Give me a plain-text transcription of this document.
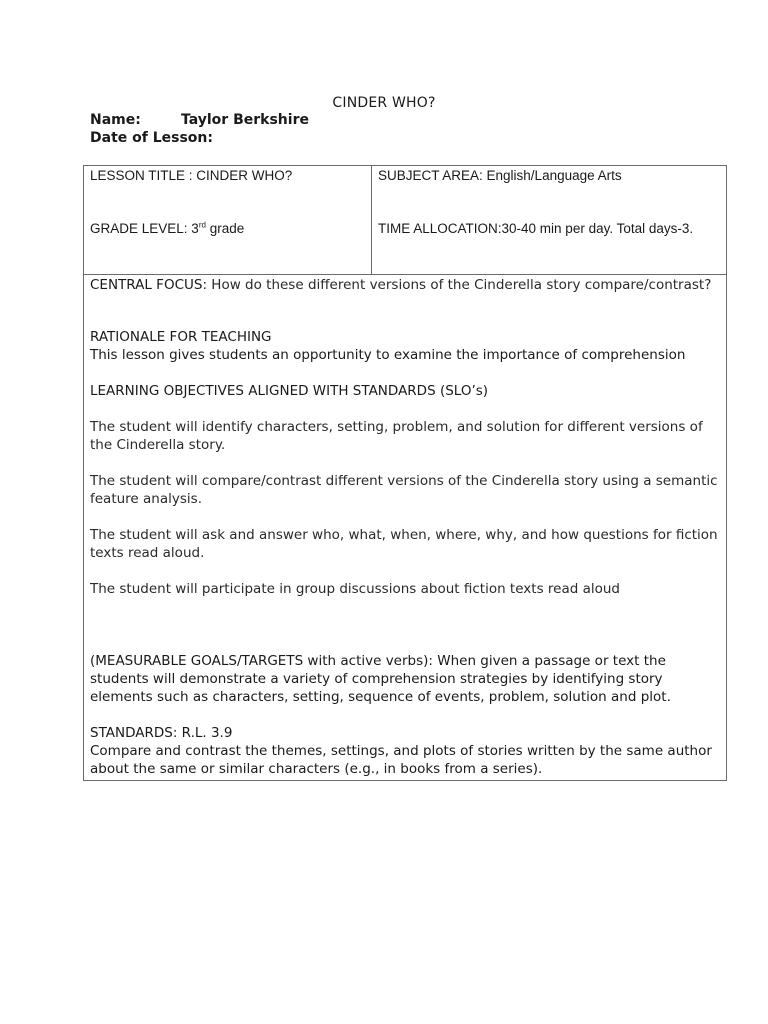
CINDER WHO?
Name:	Taylor Berkshire
Date of Lesson:
LESSON TITLE : CINDER WHO?
GRADE LEVEL: 3rd grade
SUBJECT AREA: English/Language Arts
TIME ALLOCATION:30-40 min per day. Total days-3.

CENTRAL FOCUS: How do these different versions of the Cinderella story compare/contrast?

RATIONALE FOR TEACHING

This lesson gives students an opportunity to examine the importance of comprehension

LEARNING OBJECTIVES ALIGNED WITH STANDARDS (SLO’s)

The student will identify characters, setting, problem, and solution for different versions of the Cinderella story.

The student will compare/contrast different versions of the Cinderella story using a semantic feature analysis.

The student will ask and answer who, what, when, where, why, and how questions for fiction texts read aloud.

The student will participate in group discussions about fiction texts read aloud

(MEASURABLE GOALS/TARGETS with active verbs): When given a passage or text the students will demonstrate a variety of comprehension strategies by identifying story elements such as characters, setting, sequence of events, problem, solution and plot.

STANDARDS: R.L. 3.9

Compare and contrast the themes, settings, and plots of stories written by the same author about the same or similar characters (e.g., in books from a series).
